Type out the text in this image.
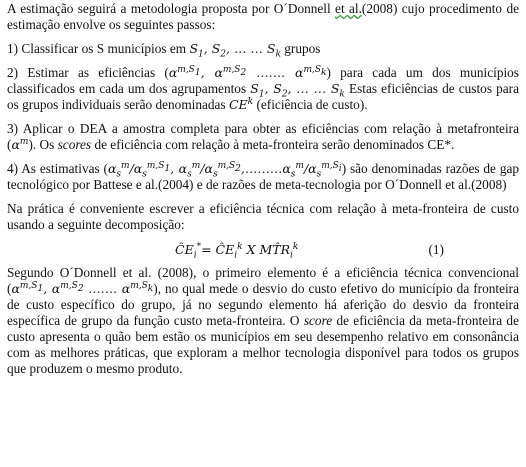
A estimação seguirá a metodologia proposta por O´Donnell et al.(2008) cujo procedimento de estimação envolve os seguintes passos:

1) Classificar os S municípios em $S_1$, $S_2$, … … $S_k$ grupos

2) Estimar as eficiências ($\alpha^{m,S_1}$, $\alpha^{m,S_2}$ ……. $\alpha^{m,S_k}$) para cada um dos municípios classificados em cada um dos agrupamentos $S_1$, $S_2$, … … $S_k$ Estas eficiências de custos para os grupos individuais serão denominadas $CE^k$ (eficiência de custo).

3) Aplicar o DEA a amostra completa para obter as eficiências com relação à metafronteira $(\alpha^m)$. Os scores de eficiência com relação à meta-fronteira serão denominados CE*.

4) As estimativas ($\alpha_s^m/\alpha_s^{m,S_1}$, $\alpha_s^m/\alpha_s^{m,S_2},\dots\dots\dots\alpha_s^m/\alpha_s^{m,S_i}$) são denominadas razões de gap tecnológico por Battese e al.(2004) e de razões de meta-tecnologia por O´Donnell et al.(2008)

Na prática é conveniente escrever a eficiência técnica com relação à meta-fronteira de custo usando a seguinte decomposição:

$ĈE_i^*=$ $ĈE_i^k$ X $MT̂R_i^k$	(1)

Segundo O´Donnell et al. (2008), o primeiro elemento é a eficiência técnica convencional ($\alpha^{m,S_1}$, $\alpha^{m,S_2}$ ……. $\alpha^{m,S_k}$), no qual mede o desvio do custo efetivo do município da fronteira de custo específico do grupo, já no segundo elemento há aferição do desvio da fronteira específica de grupo da função custo meta-fronteira. O score de eficiência da meta-fronteira de custo apresenta o quão bem estão os municípios em seu desempenho relativo em consonância com as melhores práticas, que exploram a melhor tecnologia disponível para todos os grupos que produzem o mesmo produto.
